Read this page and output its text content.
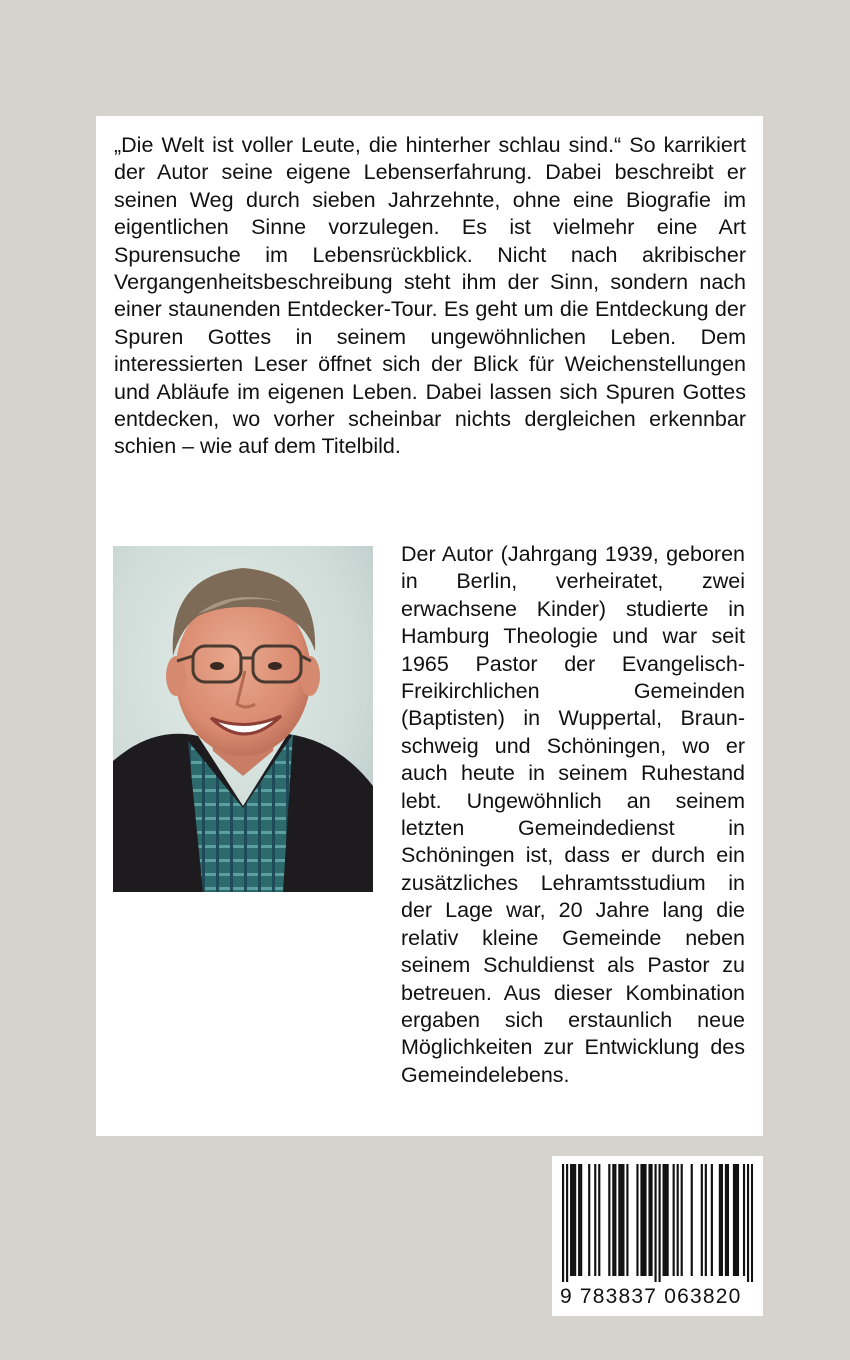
„Die Welt ist voller Leute, die hinterher schlau sind.“ So karrikiert der Autor seine eigene Lebenserfahrung. Dabei beschreibt er seinen Weg durch sieben Jahrzehnte, ohne eine Biografie im eigentlichen Sinne vorzulegen. Es ist vielmehr eine Art Spurensuche im Lebensrückblick. Nicht nach akribischer Vergangenheitsbeschreibung steht ihm der Sinn, sondern nach einer staunenden Entdecker-Tour. Es geht um die Entdeckung der Spuren Gottes in seinem ungewöhnlichen Leben. Dem interessierten Leser öffnet sich der Blick für Weichenstellungen und Abläufe im eigenen Leben. Dabei lassen sich Spuren Gottes entdecken, wo vorher scheinbar nichts dergleichen erkennbar schien – wie auf dem Titelbild.

Der Autor (Jahrgang 1939, geboren in Berlin, verheiratet, zwei erwachsene Kinder) studierte in Hamburg Theologie und war seit 1965 Pastor der Evangelisch-Freikirchlichen Gemeinden (Baptisten) in Wuppertal, Braunschweig und Schöningen, wo er auch heute in seinem Ruhestand lebt. Ungewöhnlich an seinem letzten Gemeindedienst in Schöningen ist, dass er durch ein zusätzliches Lehramtsstudium in der Lage war, 20 Jahre lang die relativ kleine Gemeinde neben seinem Schuldienst als Pastor zu betreuen. Aus dieser Kombination ergaben sich erstaunlich neue Möglichkeiten zur Entwicklung des Gemeindelebens.

9 783837 063820
